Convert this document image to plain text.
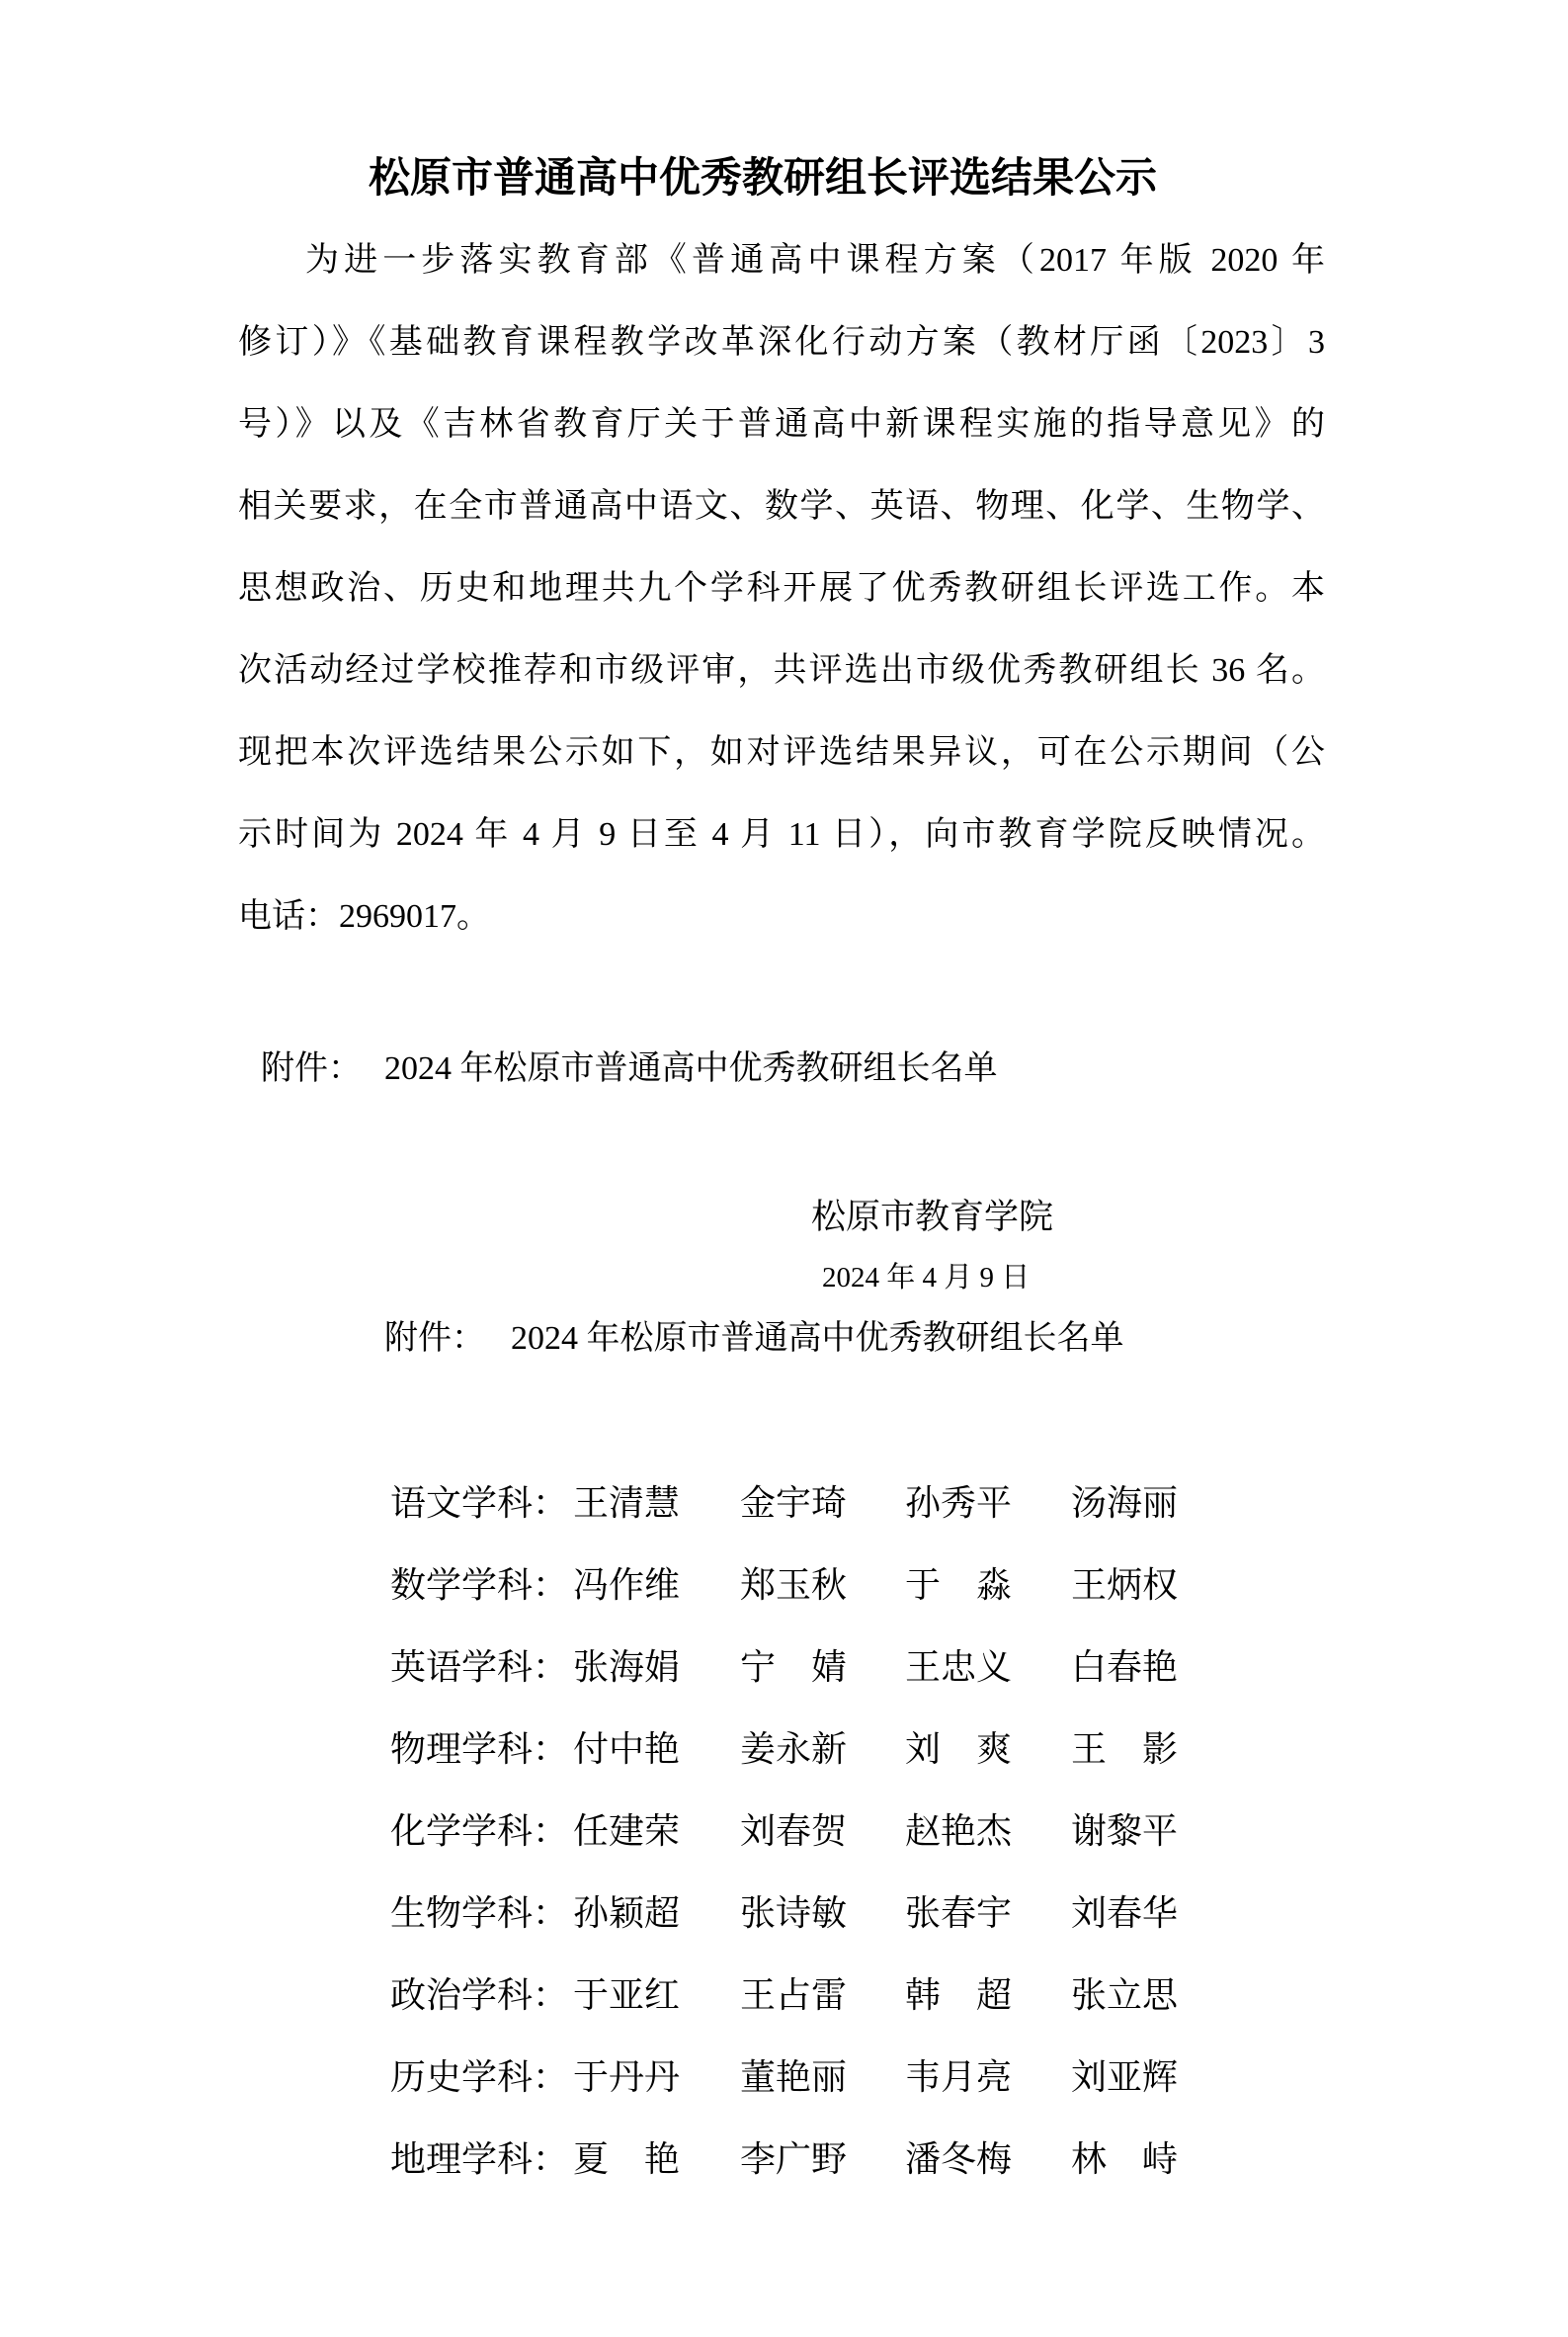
松原市普通高中优秀教研组长评选结果公示
为进一步落实教育部《普通高中课程方案（2017 年版 2020 年
修订）》《基础教育课程教学改革深化行动方案（教材厅函〔2023〕3
号）》以及《吉林省教育厅关于普通高中新课程实施的指导意见》的
相关要求，在全市普通高中语文、数学、英语、物理、化学、生物学、
思想政治、历史和地理共九个学科开展了优秀教研组长评选工作。本
次活动经过学校推荐和市级评审，共评选出市级优秀教研组长 36 名。
现把本次评选结果公示如下，如对评选结果异议，可在公示期间（公
示时间为 2024 年 4 月 9 日至 4 月 11 日），向市教育学院反映情况。
电话：2969017。
附件： 2024 年松原市普通高中优秀教研组长名单
松原市教育学院
2024 年 4 月 9 日
附件： 2024 年松原市普通高中优秀教研组长名单
语文学科： 王清慧 金宇琦 孙秀平 汤海丽
数学学科： 冯作维 郑玉秋 于　淼 王炳权
英语学科： 张海娟 宁　婧 王忠义 白春艳
物理学科： 付中艳 姜永新 刘　爽 王　影
化学学科： 任建荣 刘春贺 赵艳杰 谢黎平
生物学科： 孙颖超 张诗敏 张春宇 刘春华
政治学科： 于亚红 王占雷 韩　超 张立思
历史学科： 于丹丹 董艳丽 韦月亮 刘亚辉
地理学科： 夏　艳 李广野 潘冬梅 林　峙
